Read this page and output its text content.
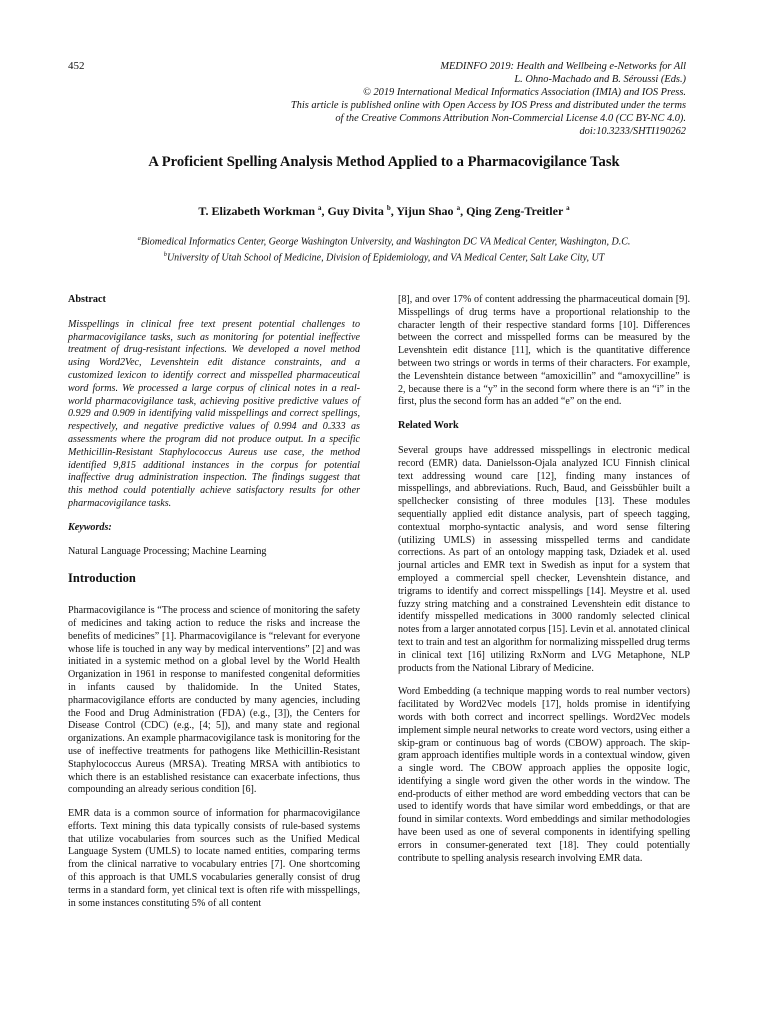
452	MEDINFO 2019: Health and Wellbeing e-Networks for All
L. Ohno-Machado and B. Séroussi (Eds.)
© 2019 International Medical Informatics Association (IMIA) and IOS Press.
This article is published online with Open Access by IOS Press and distributed under the terms
of the Creative Commons Attribution Non-Commercial License 4.0 (CC BY-NC 4.0).
doi:10.3233/SHTI190262
A Proficient Spelling Analysis Method Applied to a Pharmacovigilance Task
T. Elizabeth Workman $^a$, Guy Divita $^b$, Yijun Shao $^a$, Qing Zeng-Treitler $^a$
$^a$Biomedical Informatics Center, George Washington University, and Washington DC VA Medical Center, Washington, D.C.
$^b$University of Utah School of Medicine, Division of Epidemiology, and VA Medical Center, Salt Lake City, UT
Abstract

Misspellings in clinical free text present potential challenges to pharmacovigilance tasks, such as monitoring for potential ineffective treatment of drug-resistant infections. We developed a novel method using Word2Vec, Levenshtein edit distance constraints, and a customized lexicon to identify correct and misspelled pharmaceutical word forms. We processed a large corpus of clinical notes in a real-world pharmacovigilance task, achieving positive predictive values of 0.929 and 0.909 in identifying valid misspellings and correct spellings, respectively, and negative predictive values of 0.994 and 0.333 as assessments where the program did not produce output. In a specific Methicillin-Resistant Staphylococcus Aureus use case, the method identified 9,815 additional instances in the corpus for potential inaffective drug administration inspection. The findings suggest that this method could potentially achieve satisfactory results for other pharmacovigilance tasks.

Keywords:

Natural Language Processing; Machine Learning

Introduction

Pharmacovigilance is “The process and science of monitoring the safety of medicines and taking action to reduce the risks and increase the benefits of medicines” [1]. Pharmacovigilance is “relevant for everyone whose life is touched in any way by medical interventions” [2] and was initiated in a systemic method on a global level by the World Health Organization in 1961 in response to manifested congenital deformities in infants caused by thalidomide. In the United States, pharmacovigilance efforts are conducted by many agencies, including the Food and Drug Administration (FDA) (e.g., [3]), the Centers for Disease Control (CDC) (e.g., [4; 5]), and many state and regional organizations. An example pharmacovigilance task is monitoring for the use of ineffective treatments for pathogens like Methicillin-Resistant Staphylococcus Aureus (MRSA). Treating MRSA with antibiotics to which there is an established resistance can exacerbate infections, thus compounding an already serious condition [6].

EMR data is a common source of information for pharmacovigilance efforts. Text mining this data typically consists of rule-based systems that utilize vocabularies from sources such as the Unified Medical Language System (UMLS) to locate named entities, comparing terms from the clinical narrative to vocabulary entries [7]. One shortcoming of this approach is that UMLS vocabularies generally consist of drug terms in a standard form, yet clinical text is often rife with misspellings, in some instances constituting 5% of all content

[8], and over 17% of content addressing the pharmaceutical domain [9]. Misspellings of drug terms have a proportional relationship to the character length of their respective standard forms [10]. Differences between the correct and misspelled forms can be measured by the Levenshtein edit distance [11], which is the quantitative difference between two strings or words in terms of their characters. For example, the Levenshtein distance between “amoxicillin” and “amoxycilline” is 2, because there is a “y” in the second form where there is an “i” in the first, plus the second form has an added “e” on the end.

Related Work

Several groups have addressed misspellings in electronic medical record (EMR) data. Danielsson-Ojala analyzed ICU Finnish clinical text addressing wound care [12], finding many instances of misspellings, and abbreviations. Ruch, Baud, and Geissbühler built a spellchecker consisting of three modules [13]. These modules sequentially applied edit distance analysis, part of speech tagging, contextual morpho-syntactic analysis, and word sense filtering (utilizing UMLS) in assessing misspelled terms and candidate corrections. As part of an ontology mapping task, Dziadek et al. used journal articles and EMR text in Swedish as input for a system that employed a commercial spell checker, Levenshtein distance, and trigrams to identify and correct misspellings [14]. Meystre et al. used fuzzy string matching and a constrained Levenshtein edit distance to identify misspelled medications in 3000 randomly selected clinical notes from a larger annotated corpus [15]. Levin et al. annotated clinical text to train and test an algorithm for normalizing misspelled drug terms in clinical text [16] utilizing RxNorm and LVG Metaphone, NLP products from the National Library of Medicine.

Word Embedding (a technique mapping words to real number vectors) facilitated by Word2Vec models [17], holds promise in identifying words with both correct and incorrect spellings. Word2Vec models implement simple neural networks to create word vectors, using either a skip-gram or continuous bag of words (CBOW) approach. The skip-gram approach identifies multiple words in a contextual window, given a single word. The CBOW approach applies the opposite logic, identifying a single word given the other words in the window. The end-products of either method are word embedding vectors that can be used to identify words that have similar word embeddings, or that are found in similar contexts. Word embeddings and similar methodologies have been used as one of several components in identifying spelling errors in consumer-generated text [18]. They could potentially contribute to spelling analysis research involving EMR data.
